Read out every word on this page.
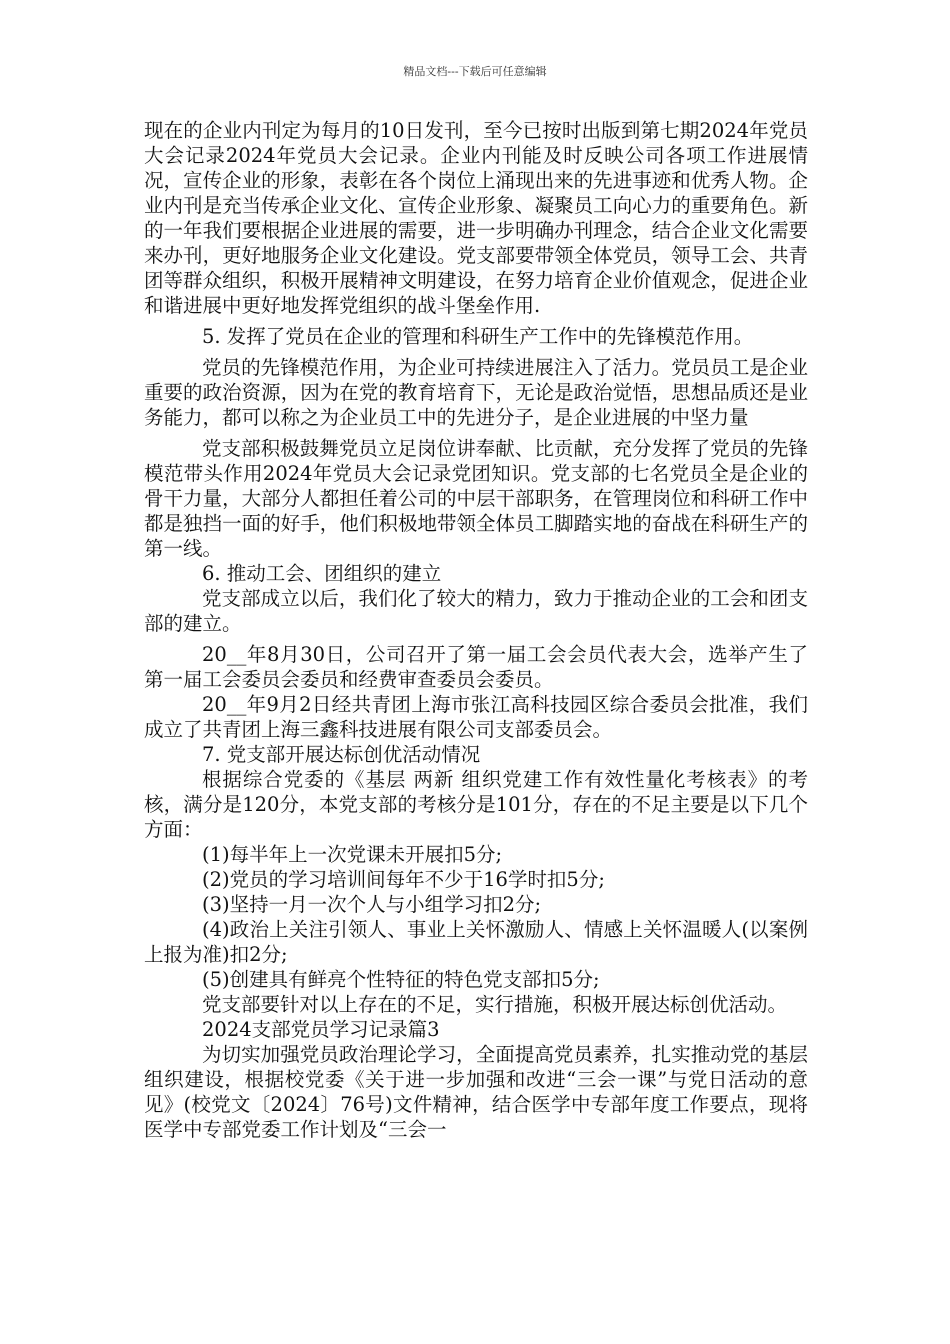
精品文档---下载后可任意编辑

现在的企业内刊定为每月的10日发刊，至今已按时出版到第七期2024年党员大会记录2024年党员大会记录。企业内刊能及时反映公司各项工作进展情况，宣传企业的形象，表彰在各个岗位上涌现出来的先进事迹和优秀人物。企业内刊是充当传承企业文化、宣传企业形象、凝聚员工向心力的重要角色。新的一年我们要根据企业进展的需要，进一步明确办刊理念，结合企业文化需要来办刊，更好地服务企业文化建设。党支部要带领全体党员，领导工会、共青团等群众组织，积极开展精神文明建设，在努力培育企业价值观念，促进企业和谐进展中更好地发挥党组织的战斗堡垒作用.

5. 发挥了党员在企业的管理和科研生产工作中的先锋模范作用。

党员的先锋模范作用，为企业可持续进展注入了活力。党员员工是企业重要的政治资源，因为在党的教育培育下，无论是政治觉悟，思想品质还是业务能力，都可以称之为企业员工中的先进分子，是企业进展的中坚力量

党支部积极鼓舞党员立足岗位讲奉献、比贡献，充分发挥了党员的先锋模范带头作用2024年党员大会记录党团知识。党支部的七名党员全是企业的骨干力量，大部分人都担任着公司的中层干部职务，在管理岗位和科研工作中都是独挡一面的好手，他们积极地带领全体员工脚踏实地的奋战在科研生产的第一线。

6. 推动工会、团组织的建立

党支部成立以后，我们化了较大的精力，致力于推动企业的工会和团支部的建立。

20__年8月30日，公司召开了第一届工会会员代表大会，选举产生了第一届工会委员会委员和经费审查委员会委员。

20__年9月2日经共青团上海市张江高科技园区综合委员会批准，我们成立了共青团上海三鑫科技进展有限公司支部委员会。

7. 党支部开展达标创优活动情况

根据综合党委的《基层 两新 组织党建工作有效性量化考核表》的考核，满分是120分，本党支部的考核分是101分，存在的不足主要是以下几个方面：

(1)每半年上一次党课未开展扣5分;

(2)党员的学习培训间每年不少于16学时扣5分;

(3)坚持一月一次个人与小组学习扣2分;

(4)政治上关注引领人、事业上关怀激励人、情感上关怀温暖人(以案例上报为准)扣2分;

(5)创建具有鲜亮个性特征的特色党支部扣5分;

党支部要针对以上存在的不足，实行措施，积极开展达标创优活动。

2024支部党员学习记录篇3

为切实加强党员政治理论学习，全面提高党员素养，扎实推动党的基层组织建设，根据校党委《关于进一步加强和改进“三会一课”与党日活动的意见》(校党文〔2024〕76号)文件精神，结合医学中专部年度工作要点，现将医学中专部党委工作计划及“三会一
